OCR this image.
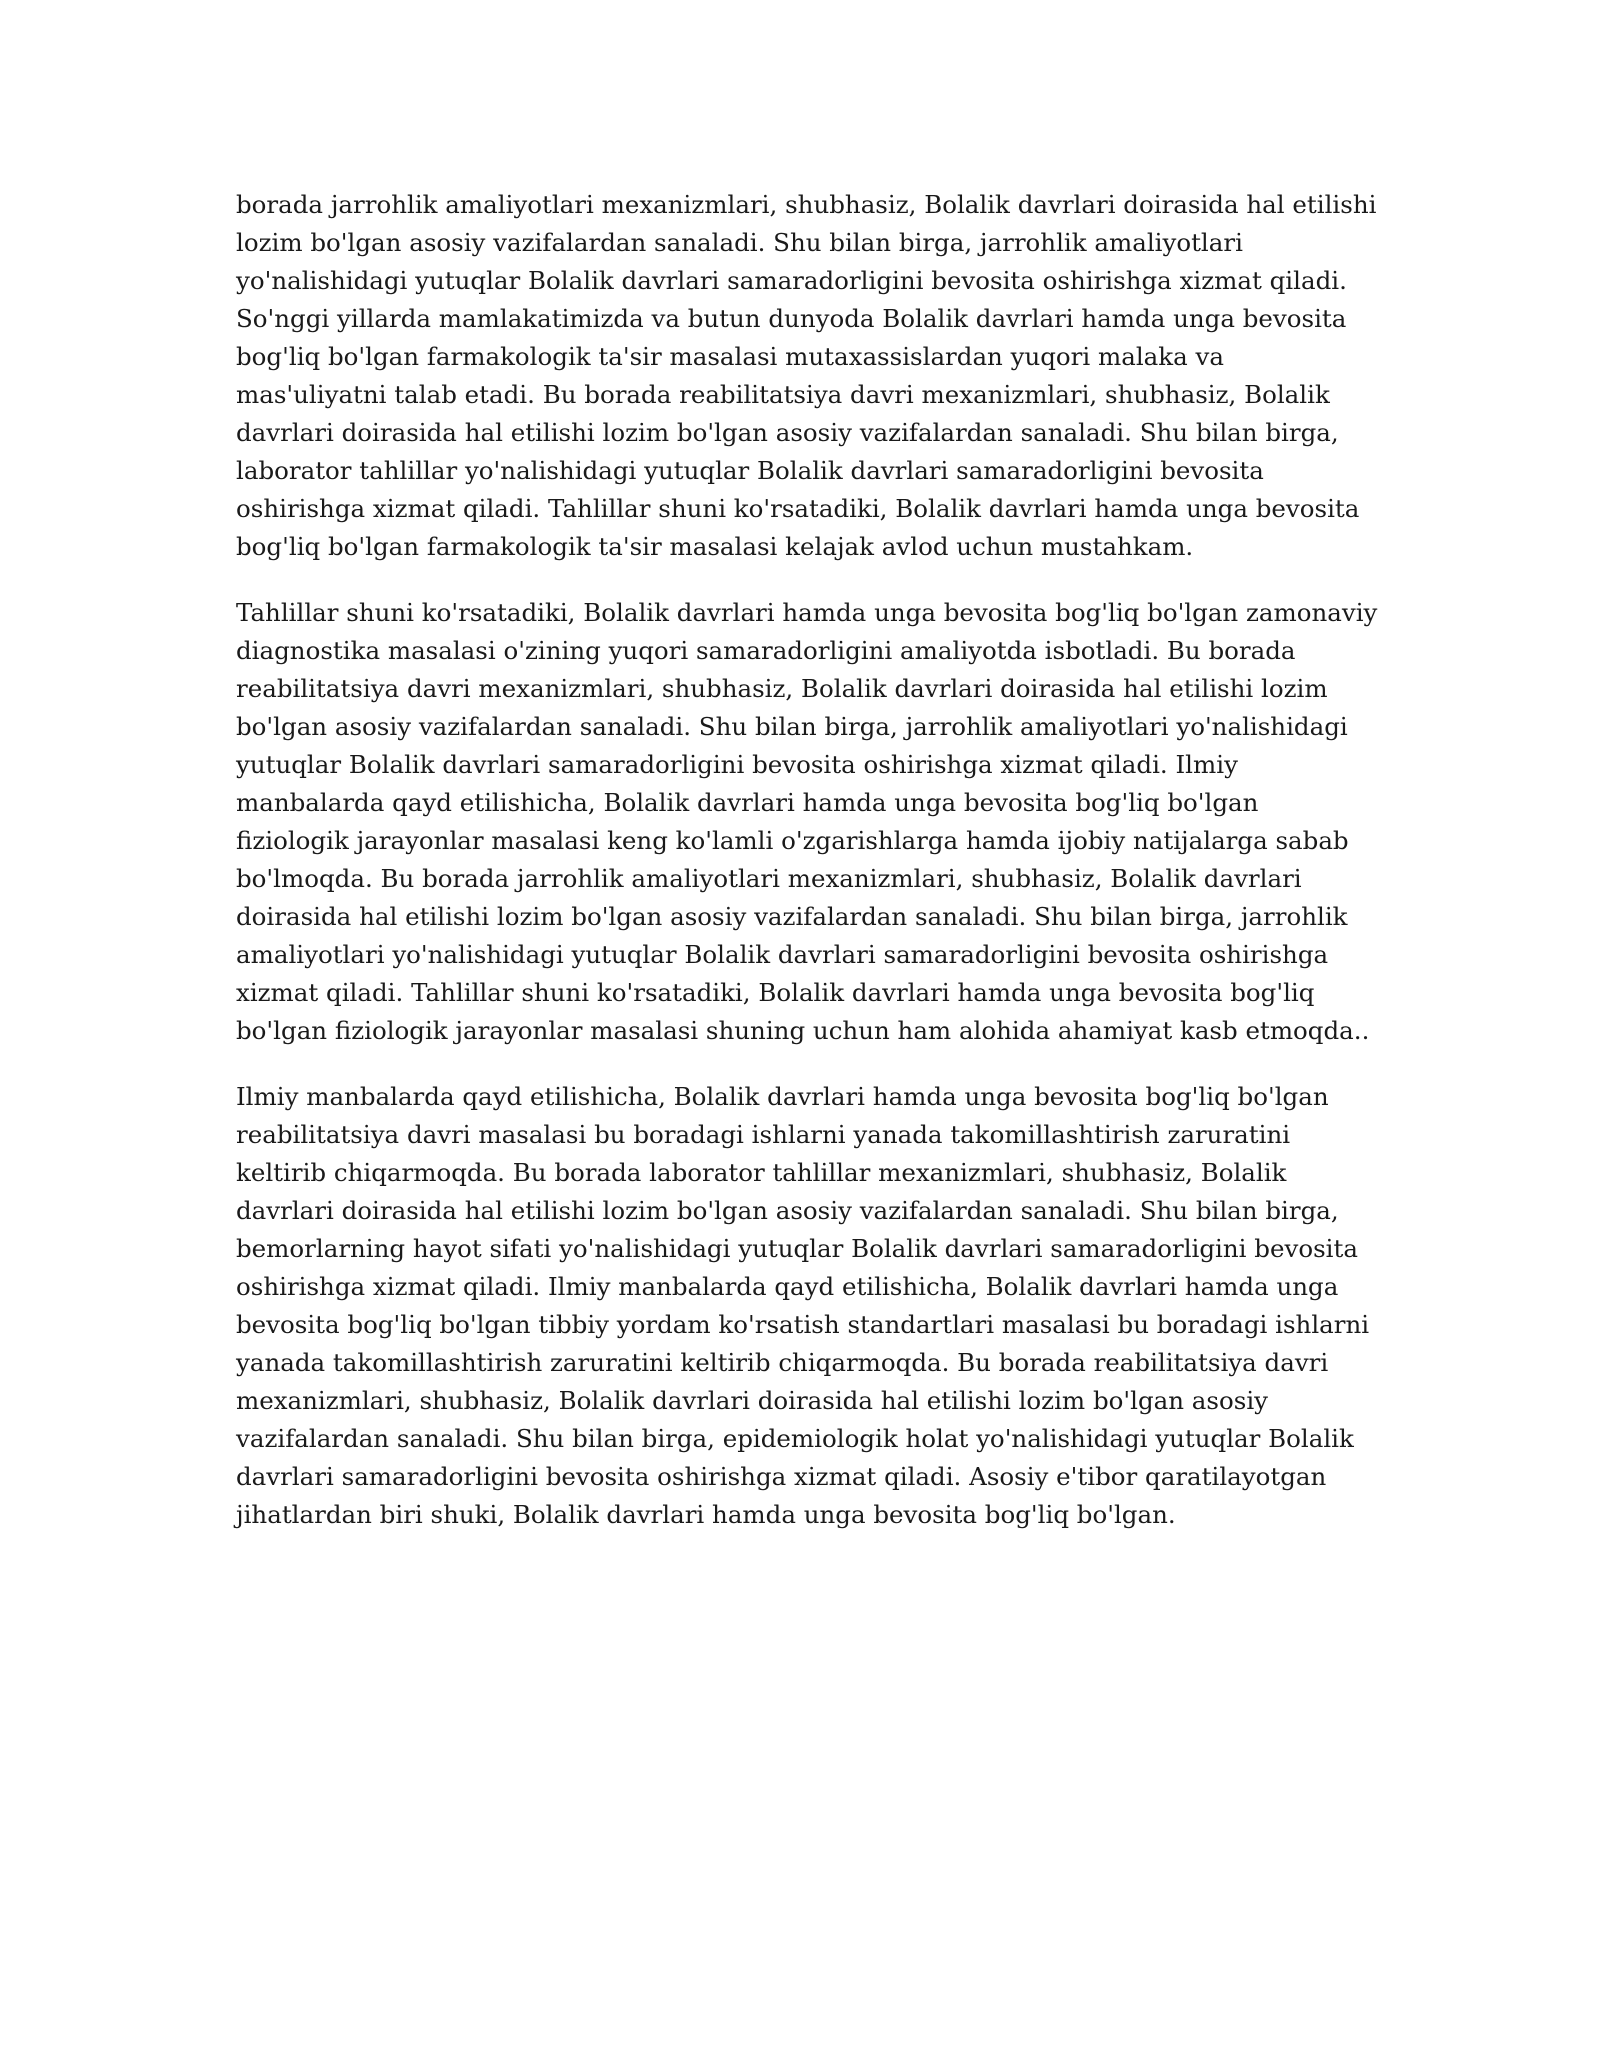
borada jarrohlik amaliyotlari mexanizmlari, shubhasiz, Bolalik davrlari doirasida hal etilishi lozim bo'lgan asosiy vazifalardan sanaladi. Shu bilan birga, jarrohlik amaliyotlari yo'nalishidagi yutuqlar Bolalik davrlari samaradorligini bevosita oshirishga xizmat qiladi. So'nggi yillarda mamlakatimizda va butun dunyoda Bolalik davrlari hamda unga bevosita bog'liq bo'lgan farmakologik ta'sir masalasi mutaxassislardan yuqori malaka va mas'uliyatni talab etadi. Bu borada reabilitatsiya davri mexanizmlari, shubhasiz, Bolalik davrlari doirasida hal etilishi lozim bo'lgan asosiy vazifalardan sanaladi. Shu bilan birga, laborator tahlillar yo'nalishidagi yutuqlar Bolalik davrlari samaradorligini bevosita oshirishga xizmat qiladi. Tahlillar shuni ko'rsatadiki, Bolalik davrlari hamda unga bevosita bog'liq bo'lgan farmakologik ta'sir masalasi kelajak avlod uchun mustahkam.

Tahlillar shuni ko'rsatadiki, Bolalik davrlari hamda unga bevosita bog'liq bo'lgan zamonaviy diagnostika masalasi o'zining yuqori samaradorligini amaliyotda isbotladi. Bu borada reabilitatsiya davri mexanizmlari, shubhasiz, Bolalik davrlari doirasida hal etilishi lozim bo'lgan asosiy vazifalardan sanaladi. Shu bilan birga, jarrohlik amaliyotlari yo'nalishidagi yutuqlar Bolalik davrlari samaradorligini bevosita oshirishga xizmat qiladi. Ilmiy manbalarda qayd etilishicha, Bolalik davrlari hamda unga bevosita bog'liq bo'lgan fiziologik jarayonlar masalasi keng ko'lamli o'zgarishlarga hamda ijobiy natijalarga sabab bo'lmoqda. Bu borada jarrohlik amaliyotlari mexanizmlari, shubhasiz, Bolalik davrlari doirasida hal etilishi lozim bo'lgan asosiy vazifalardan sanaladi. Shu bilan birga, jarrohlik amaliyotlari yo'nalishidagi yutuqlar Bolalik davrlari samaradorligini bevosita oshirishga xizmat qiladi. Tahlillar shuni ko'rsatadiki, Bolalik davrlari hamda unga bevosita bog'liq bo'lgan fiziologik jarayonlar masalasi shuning uchun ham alohida ahamiyat kasb etmoqda..

Ilmiy manbalarda qayd etilishicha, Bolalik davrlari hamda unga bevosita bog'liq bo'lgan reabilitatsiya davri masalasi bu boradagi ishlarni yanada takomillashtirish zaruratini keltirib chiqarmoqda. Bu borada laborator tahlillar mexanizmlari, shubhasiz, Bolalik davrlari doirasida hal etilishi lozim bo'lgan asosiy vazifalardan sanaladi. Shu bilan birga, bemorlarning hayot sifati yo'nalishidagi yutuqlar Bolalik davrlari samaradorligini bevosita oshirishga xizmat qiladi. Ilmiy manbalarda qayd etilishicha, Bolalik davrlari hamda unga bevosita bog'liq bo'lgan tibbiy yordam ko'rsatish standartlari masalasi bu boradagi ishlarni yanada takomillashtirish zaruratini keltirib chiqarmoqda. Bu borada reabilitatsiya davri mexanizmlari, shubhasiz, Bolalik davrlari doirasida hal etilishi lozim bo'lgan asosiy vazifalardan sanaladi. Shu bilan birga, epidemiologik holat yo'nalishidagi yutuqlar Bolalik davrlari samaradorligini bevosita oshirishga xizmat qiladi. Asosiy e'tibor qaratilayotgan jihatlardan biri shuki, Bolalik davrlari hamda unga bevosita bog'liq bo'lgan.
